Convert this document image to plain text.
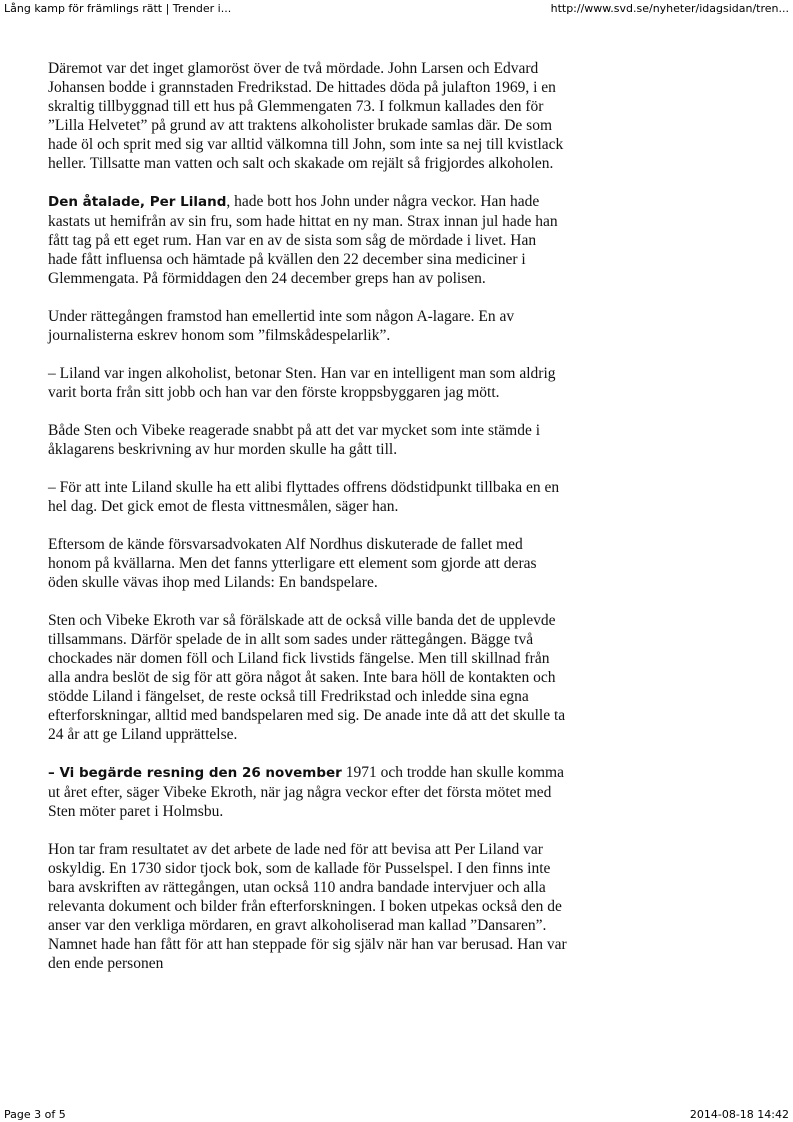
Lång kamp för främlings rätt | Trender i...	http://www.svd.se/nyheter/idagsidan/tren...

Däremot var det inget glamoröst över de två mördade. John Larsen och Edvard Johansen bodde i grannstaden Fredrikstad. De hittades döda på julafton 1969, i en skraltig tillbyggnad till ett hus på Glemmengaten 73. I folkmun kallades den för ”Lilla Helvetet” på grund av att traktens alkoholister brukade samlas där. De som hade öl och sprit med sig var alltid välkomna till John, som inte sa nej till kvistlack heller. Tillsatte man vatten och salt och skakade om rejält så frigjordes alkoholen.

Den åtalade, Per Liland, hade bott hos John under några veckor. Han hade kastats ut hemifrån av sin fru, som hade hittat en ny man. Strax innan jul hade han fått tag på ett eget rum. Han var en av de sista som såg de mördade i livet. Han hade fått influensa och hämtade på kvällen den 22 december sina mediciner i Glemmengata. På förmiddagen den 24 december greps han av polisen.

Under rättegången framstod han emellertid inte som någon A-lagare. En av journalisterna eskrev honom som ”filmskådespelarlik”.

– Liland var ingen alkoholist, betonar Sten. Han var en intelligent man som aldrig varit borta från sitt jobb och han var den förste kroppsbyggaren jag mött.

Både Sten och Vibeke reagerade snabbt på att det var mycket som inte stämde i åklagarens beskrivning av hur morden skulle ha gått till.

– För att inte Liland skulle ha ett alibi flyttades offrens dödstidpunkt tillbaka en en hel dag. Det gick emot de flesta vittnesmålen, säger han.

Eftersom de kände försvarsadvokaten Alf Nordhus diskuterade de fallet med honom på kvällarna. Men det fanns ytterligare ett element som gjorde att deras öden skulle vävas ihop med Lilands: En bandspelare.

Sten och Vibeke Ekroth var så förälskade att de också ville banda det de upplevde tillsammans. Därför spelade de in allt som sades under rättegången. Bägge två chockades när domen föll och Liland fick livstids fängelse. Men till skillnad från alla andra beslöt de sig för att göra något åt saken. Inte bara höll de kontakten och stödde Liland i fängelset, de reste också till Fredrikstad och inledde sina egna efterforskningar, alltid med bandspelaren med sig. De anade inte då att det skulle ta 24 år att ge Liland upprättelse.

– Vi begärde resning den 26 november 1971 och trodde han skulle komma ut året efter, säger Vibeke Ekroth, när jag några veckor efter det första mötet med Sten möter paret i Holmsbu.

Hon tar fram resultatet av det arbete de lade ned för att bevisa att Per Liland var oskyldig. En 1730 sidor tjock bok, som de kallade för Pusselspel. I den finns inte bara avskriften av rättegången, utan också 110 andra bandade intervjuer och alla relevanta dokument och bilder från efterforskningen. I boken utpekas också den de anser var den verkliga mördaren, en gravt alkoholiserad man kallad ”Dansaren”. Namnet hade han fått för att han steppade för sig själv när han var berusad. Han var den ende personen

Page 3 of 5	2014-08-18 14:42
